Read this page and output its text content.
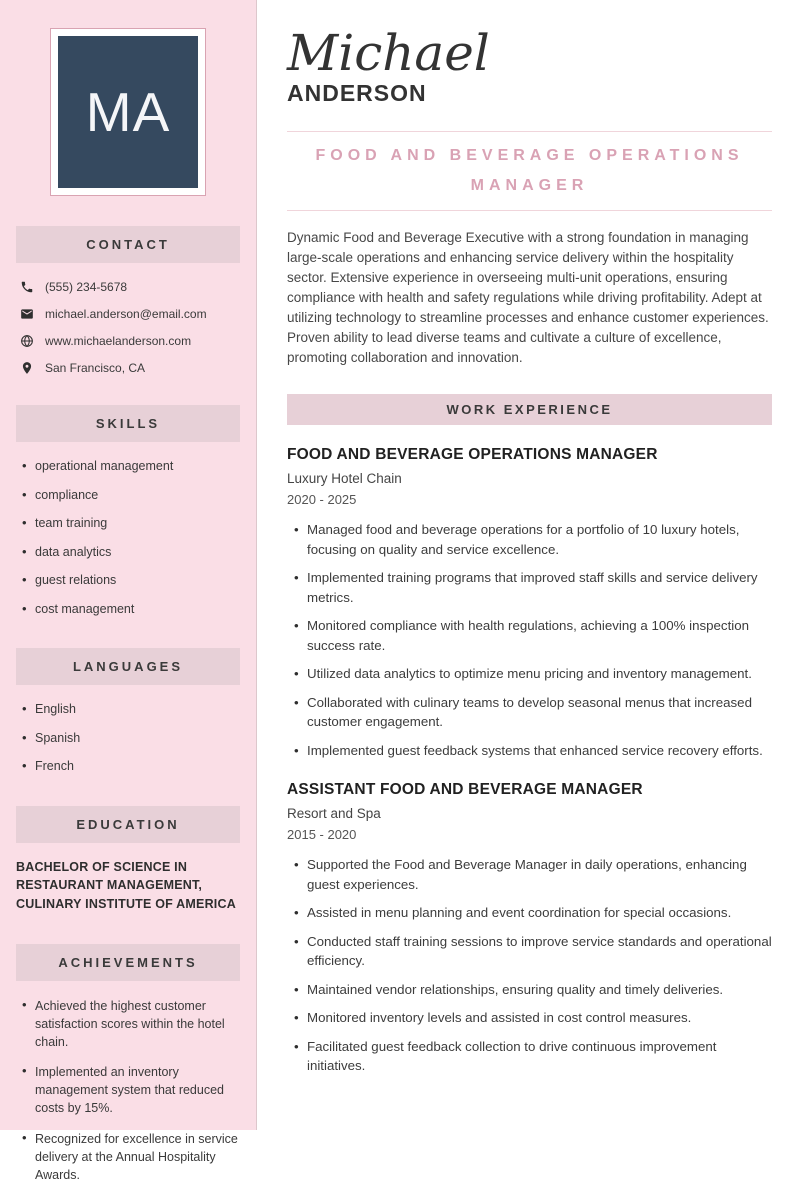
MA
CONTACT
(555) 234-5678
michael.anderson@email.com
www.michaelanderson.com
San Francisco, CA
SKILLS
• operational management
• compliance
• team training
• data analytics
• guest relations
• cost management
LANGUAGES
• English
• Spanish
• French
EDUCATION
BACHELOR OF SCIENCE IN RESTAURANT MANAGEMENT, CULINARY INSTITUTE OF AMERICA
ACHIEVEMENTS
• Achieved the highest customer satisfaction scores within the hotel chain.
• Implemented an inventory management system that reduced costs by 15%.
• Recognized for excellence in service delivery at the Annual Hospitality Awards.
Michael
ANDERSON
FOOD AND BEVERAGE OPERATIONS MANAGER

Dynamic Food and Beverage Executive with a strong foundation in managing large-scale operations and enhancing service delivery within the hospitality sector. Extensive experience in overseeing multi-unit operations, ensuring compliance with health and safety regulations while driving profitability. Adept at utilizing technology to streamline processes and enhance customer experiences. Proven ability to lead diverse teams and cultivate a culture of excellence, promoting collaboration and innovation.

WORK EXPERIENCE
FOOD AND BEVERAGE OPERATIONS MANAGER
Luxury Hotel Chain
2020 - 2025
• Managed food and beverage operations for a portfolio of 10 luxury hotels, focusing on quality and service excellence.
• Implemented training programs that improved staff skills and service delivery metrics.
• Monitored compliance with health regulations, achieving a 100% inspection success rate.
• Utilized data analytics to optimize menu pricing and inventory management.
• Collaborated with culinary teams to develop seasonal menus that increased customer engagement.
• Implemented guest feedback systems that enhanced service recovery efforts.
ASSISTANT FOOD AND BEVERAGE MANAGER
Resort and Spa
2015 - 2020
• Supported the Food and Beverage Manager in daily operations, enhancing guest experiences.
• Assisted in menu planning and event coordination for special occasions.
• Conducted staff training sessions to improve service standards and operational efficiency.
• Maintained vendor relationships, ensuring quality and timely deliveries.
• Monitored inventory levels and assisted in cost control measures.
• Facilitated guest feedback collection to drive continuous improvement initiatives.
